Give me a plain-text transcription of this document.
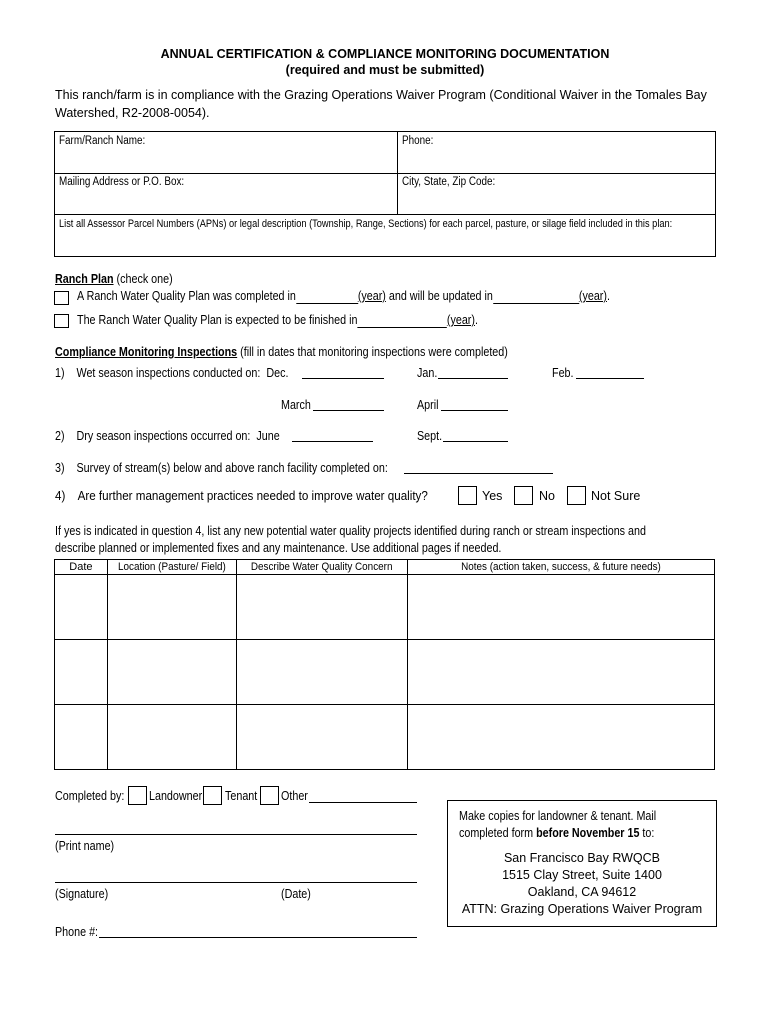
ANNUAL CERTIFICATION & COMPLIANCE MONITORING DOCUMENTATION
(required and must be submitted)
This ranch/farm is in compliance with the Grazing Operations Waiver Program (Conditional Waiver in the Tomales Bay Watershed, R2-2008-0054).
Farm/Ranch Name:	Phone:
Mailing Address or P.O. Box:	City, State, Zip Code:
List all Assessor Parcel Numbers (APNs) or legal description (Township, Range, Sections) for each parcel, pasture, or silage field included in this plan:
Ranch Plan (check one)
A Ranch Water Quality Plan was completed in	(year) and will be updated in	(year).
The Ranch Water Quality Plan is expected to be finished in	(year).
Compliance Monitoring Inspections (fill in dates that monitoring inspections were completed)
1)    Wet season inspections conducted on:  Dec.	Jan.	Feb.
March	April
2)    Dry season inspections occurred on:  June	Sept.
3)    Survey of stream(s) below and above ranch facility completed on:
4)    Are further management practices needed to improve water quality?	Yes	No	Not Sure
If yes is indicated in question 4, list any new potential water quality projects identified during ranch or stream inspections and describe planned or implemented fixes and any maintenance. Use additional pages if needed.
Date	Location (Pasture/ Field)	Describe Water Quality Concern	Notes (action taken, success, & future needs)

Completed by:	Landowner	Tenant	Other
(Print name)
(Signature)	(Date)
Phone #:
Make copies for landowner & tenant. Mail
completed form before November 15 to:
San Francisco Bay RWQCB
1515 Clay Street, Suite 1400
Oakland, CA 94612
ATTN: Grazing Operations Waiver Program
